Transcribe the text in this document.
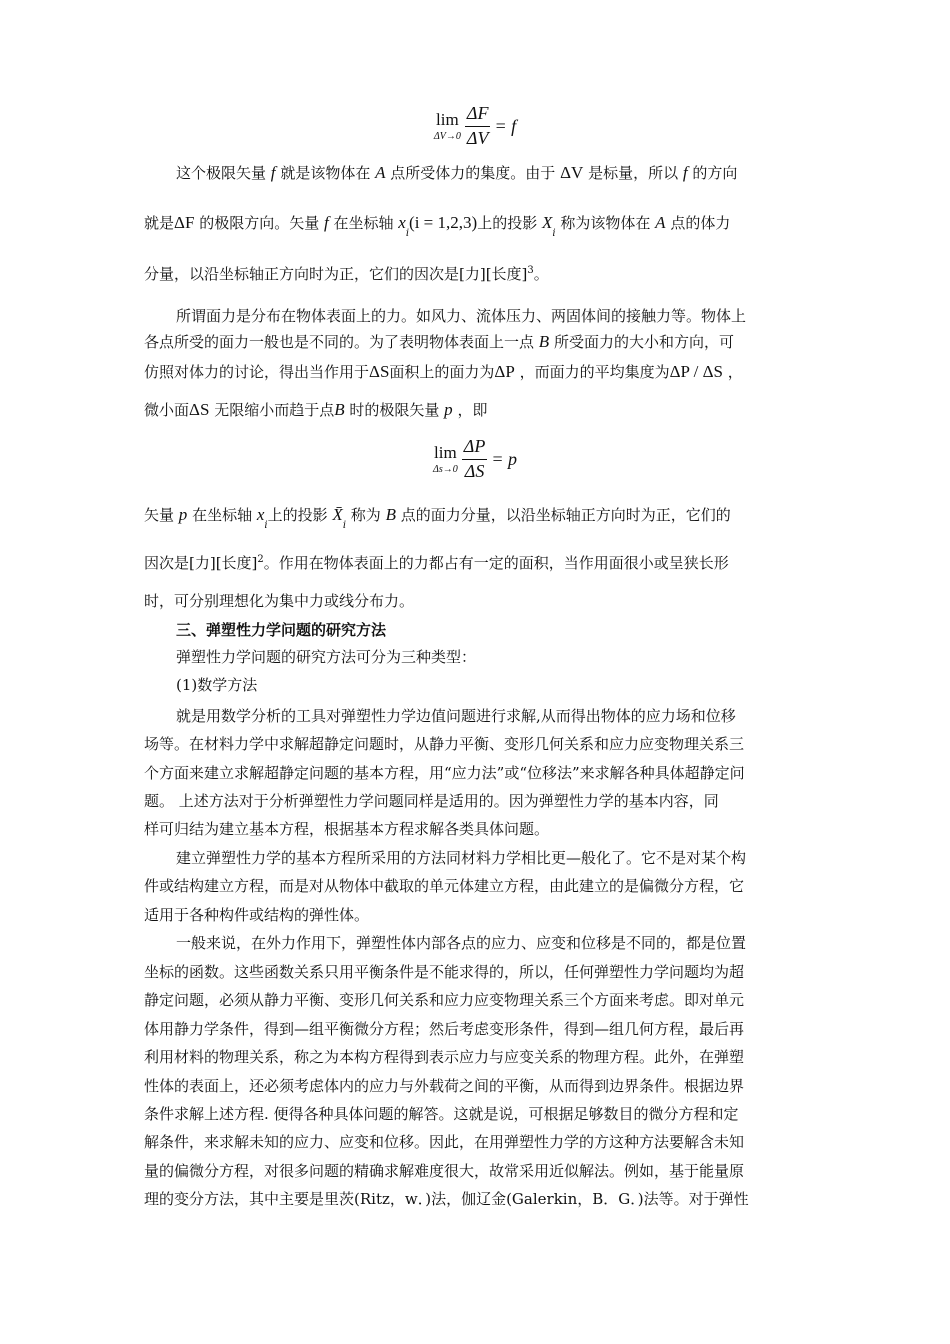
lim
$\Delta V\to 0 \frac{\Delta F}{\Delta V} = f$
这个极限矢量 f 就是该物体在 A 点所受体力的集度。由于 ΔV 是标量，所以 f 的方向
就是ΔF 的极限方向。矢量 f 在坐标轴 $x_i(i = 1,2,3)$上的投影 $X_i$ 称为该物体在 A 点的体力
分量，以沿坐标轴正方向时为正，它们的因次是[力][长度]$^3$。
所谓面力是分布在物体表面上的力。如风力、流体压力、两固体间的接触力等。物体上
各点所受的面力一般也是不同的。为了表明物体表面上一点 B 所受面力的大小和方向，可
仿照对体力的讨论，得出当作用于ΔS面积上的面力为ΔP ，而面力的平均集度为ΔP / ΔS ，
微小面ΔS 无限缩小而趋于点B 时的极限矢量 p ，即
lim
$\Delta s\to 0 \frac{\Delta P}{\Delta S} = p$
矢量 p 在坐标轴 $x_i$上的投影 $X̄_i$ 称为 B 点的面力分量，以沿坐标轴正方向时为正，它们的
因次是[力][长度]$^2$。作用在物体表面上的力都占有一定的面积，当作用面很小或呈狭长形
时，可分别理想化为集中力或线分布力。
三、弹塑性力学问题的研究方法
弹塑性力学问题的研究方法可分为三种类型：
(1)数学方法
就是用数学分析的工具对弹塑性力学边值问题进行求解,从而得出物体的应力场和位移
场等。在材料力学中求解超静定问题时，从静力平衡、变形几何关系和应力应变物理关系三
个方面来建立求解超静定问题的基本方程，用“应力法”或“位移法”来求解各种具体超静定问
题。 上述方法对于分析弹塑性力学问题同样是适用的。因为弹塑性力学的基本内容，同
样可归结为建立基本方程，根据基本方程求解各类具体问题。
建立弹塑性力学的基本方程所采用的方法同材料力学相比更—般化了。它不是对某个构
件或结构建立方程，而是对从物体中截取的单元体建立方程，由此建立的是偏微分方程，它
适用于各种构件或结构的弹性体。
一般来说，在外力作用下，弹塑性体内部各点的应力、应变和位移是不同的，都是位置
坐标的函数。这些函数关系只用平衡条件是不能求得的，所以，任何弹塑性力学问题均为超
静定问题，必须从静力平衡、变形几何关系和应力应变物理关系三个方面来考虑。即对单元
体用静力学条件，得到—组平衡微分方程；然后考虑变形条件，得到—组几何方程，最后再
利用材料的物理关系，称之为本构方程得到表示应力与应变关系的物理方程。此外，在弹塑
性体的表面上，还必须考虑体内的应力与外载荷之间的平衡，从而得到边界条件。根据边界
条件求解上述方程. 便得各种具体问题的解答。这就是说，可根据足够数目的微分方程和定
解条件，来求解未知的应力、应变和位移。因此，在用弹塑性力学的方这种方法要解含未知
量的偏微分方程，对很多问题的精确求解难度很大，故常采用近似解法。例如，基于能量原
理的变分方法，其中主要是里茨(Ritz，w．)法，伽辽金(Galerkin，B．G．)法等。对于弹性
